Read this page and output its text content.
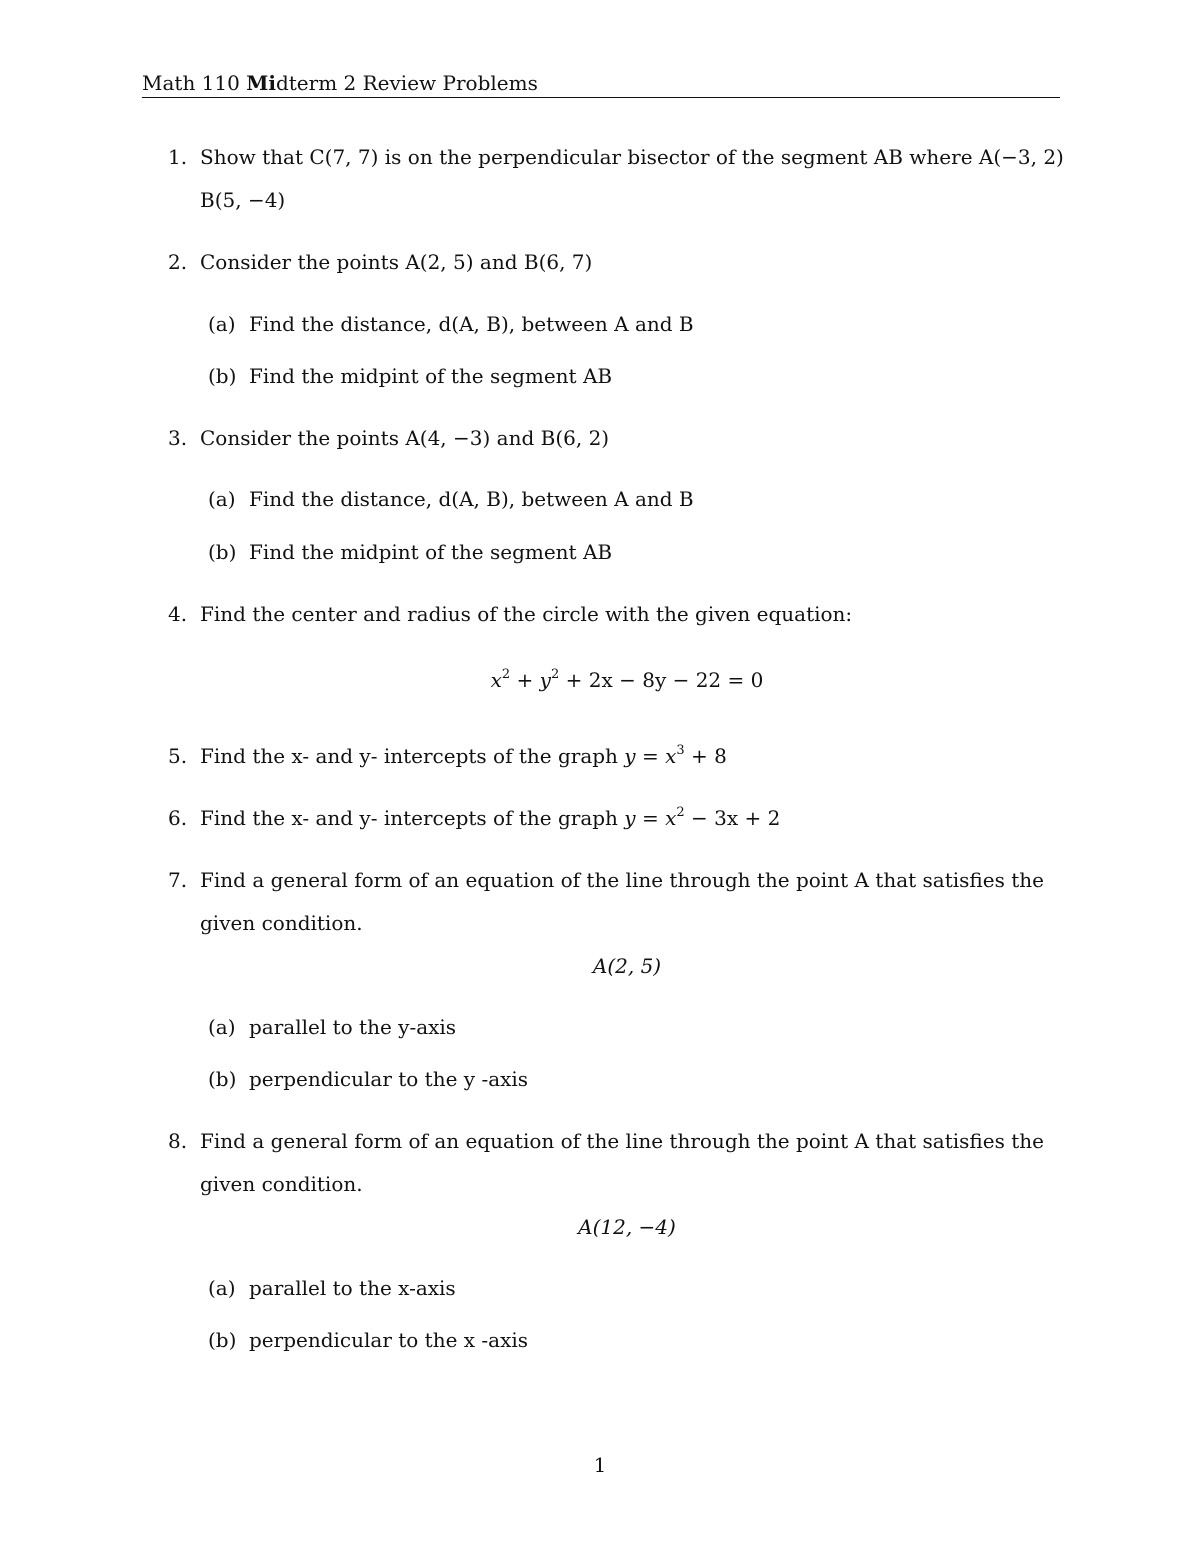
Math 110 Midterm 2 Review Problems
1. Show that C(7, 7) is on the perpendicular bisector of the segment AB where A(−3, 2)
B(5, −4)
2. Consider the points A(2, 5) and B(6, 7)
(a) Find the distance, d(A, B), between A and B
(b) Find the midpint of the segment AB
3. Consider the points A(4, −3) and B(6, 2)
(a) Find the distance, d(A, B), between A and B
(b) Find the midpint of the segment AB
4. Find the center and radius of the circle with the given equation:
$x^2 + y^2 + 2x - 8y - 22 = 0$
5. Find the x- and y- intercepts of the graph $y = x^3 + 8$
6. Find the x- and y- intercepts of the graph $y = x^2 - 3x + 2$
7. Find a general form of an equation of the line through the point A that satisfies the
given condition.
A(2, 5)
(a) parallel to the y-axis
(b) perpendicular to the y -axis
8. Find a general form of an equation of the line through the point A that satisfies the
given condition.
A(12, −4)
(a) parallel to the x-axis
(b) perpendicular to the x -axis
1
